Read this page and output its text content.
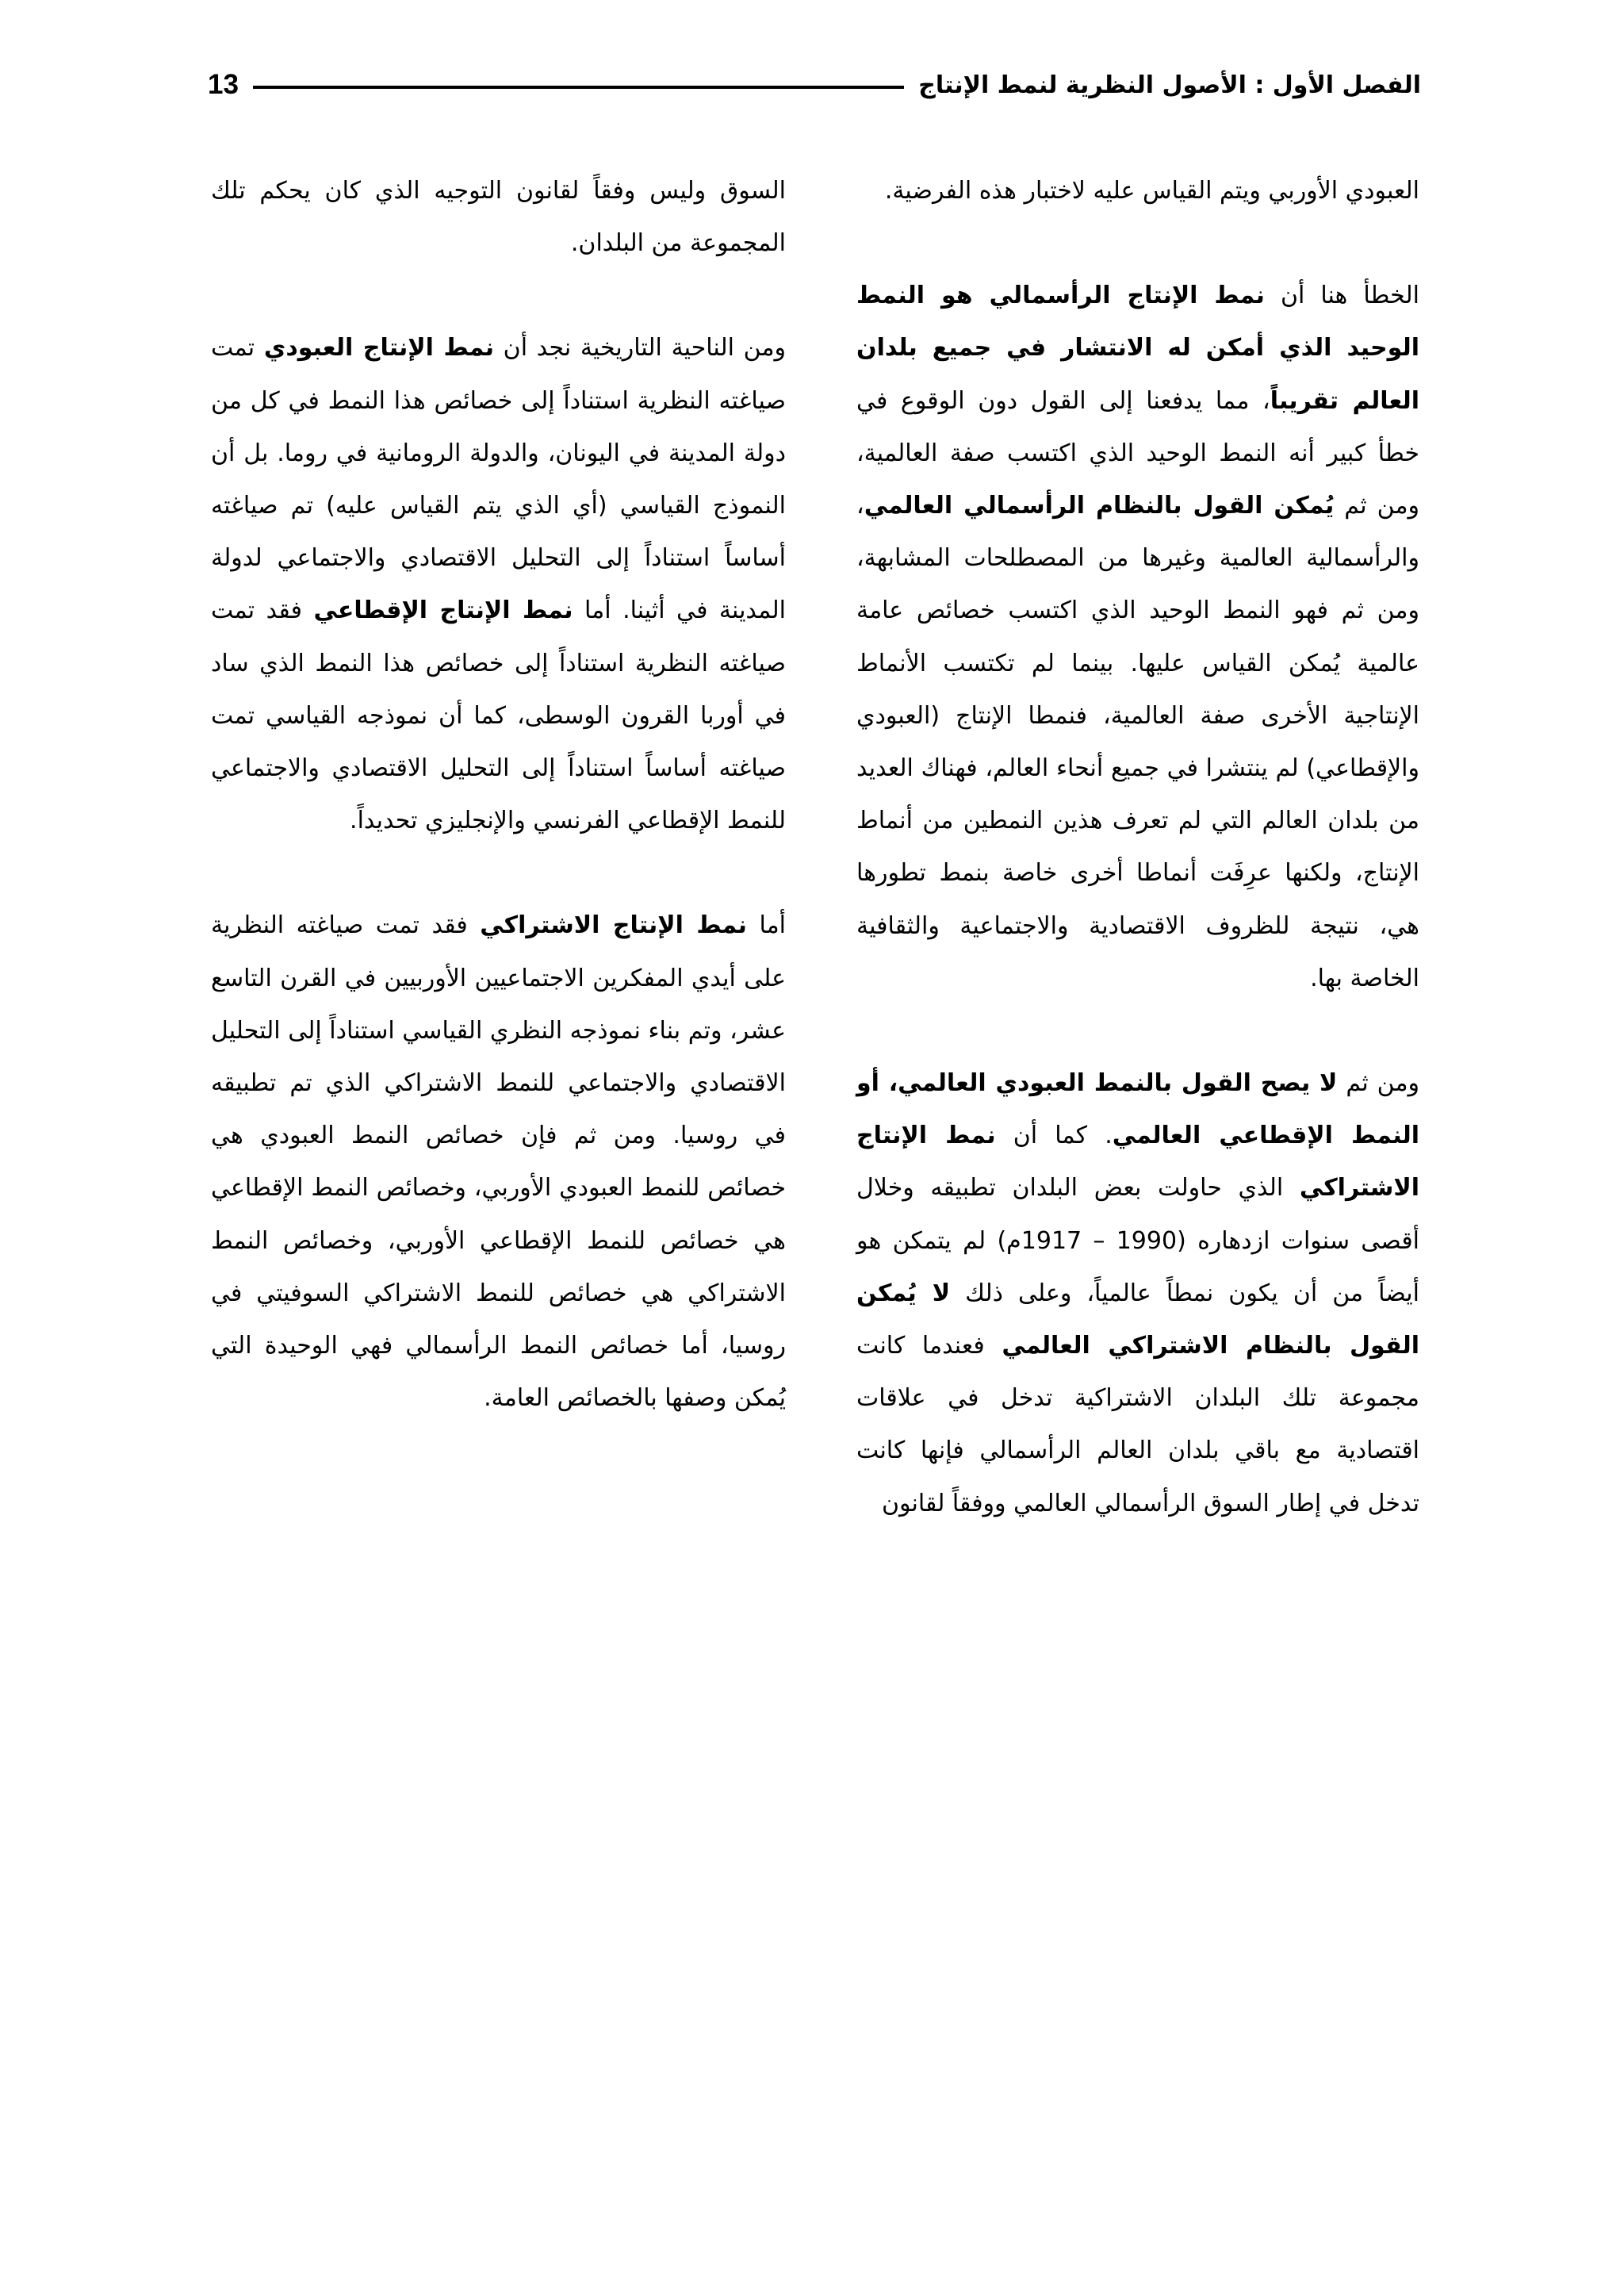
13	الفصل الأول : الأصول النظرية لنمط الإنتاج

العبودي الأوربي ويتم القياس عليه لاختبار هذه الفرضية.

الخطأ هنا أن نمط الإنتاج الرأسمالي هو النمط الوحيد الذي أمكن له الانتشار في جميع بلدان العالم تقريباً، مما يدفعنا إلى القول دون الوقوع في خطأ كبير أنه النمط الوحيد الذي اكتسب صفة العالمية، ومن ثم يُمكن القول بالنظام الرأسمالي العالمي، والرأسمالية العالمية وغيرها من المصطلحات المشابهة، ومن ثم فهو النمط الوحيد الذي اكتسب خصائص عامة عالمية يُمكن القياس عليها. بينما لم تكتسب الأنماط الإنتاجية الأخرى صفة العالمية، فنمطا الإنتاج (العبودي والإقطاعي) لم ينتشرا في جميع أنحاء العالم، فهناك العديد من بلدان العالم التي لم تعرف هذين النمطين من أنماط الإنتاج، ولكنها عرِفَت أنماطا أخرى خاصة بنمط تطورها هي، نتيجة للظروف الاقتصادية والاجتماعية والثقافية الخاصة بها.

ومن ثم لا يصح القول بالنمط العبودي العالمي، أو النمط الإقطاعي العالمي. كما أن نمط الإنتاج الاشتراكي الذي حاولت بعض البلدان تطبيقه وخلال أقصى سنوات ازدهاره (1917 – 1990م) لم يتمكن هو أيضاً من أن يكون نمطاً عالمياً، وعلى ذلك لا يُمكن القول بالنظام الاشتراكي العالمي فعندما كانت مجموعة تلك البلدان الاشتراكية تدخل في علاقات اقتصادية مع باقي بلدان العالم الرأسمالي فإنها كانت تدخل في إطار السوق الرأسمالي العالمي ووفقاً لقانون

السوق وليس وفقاً لقانون التوجيه الذي كان يحكم تلك المجموعة من البلدان.

ومن الناحية التاريخية نجد أن نمط الإنتاج العبودي تمت صياغته النظرية استناداً إلى خصائص هذا النمط في كل من دولة المدينة في اليونان، والدولة الرومانية في روما. بل أن النموذج القياسي (أي الذي يتم القياس عليه) تم صياغته أساساً استناداً إلى التحليل الاقتصادي والاجتماعي لدولة المدينة في أثينا. أما نمط الإنتاج الإقطاعي فقد تمت صياغته النظرية استناداً إلى خصائص هذا النمط الذي ساد في أوربا القرون الوسطى، كما أن نموذجه القياسي تمت صياغته أساساً استناداً إلى التحليل الاقتصادي والاجتماعي للنمط الإقطاعي الفرنسي والإنجليزي تحديداً.

أما نمط الإنتاج الاشتراكي فقد تمت صياغته النظرية على أيدي المفكرين الاجتماعيين الأوربيين في القرن التاسع عشر، وتم بناء نموذجه النظري القياسي استناداً إلى التحليل الاقتصادي والاجتماعي للنمط الاشتراكي الذي تم تطبيقه في روسيا. ومن ثم فإن خصائص النمط العبودي هي خصائص للنمط العبودي الأوربي، وخصائص النمط الإقطاعي هي خصائص للنمط الإقطاعي الأوربي، وخصائص النمط الاشتراكي هي خصائص للنمط الاشتراكي السوفيتي في روسيا، أما خصائص النمط الرأسمالي فهي الوحيدة التي يُمكن وصفها بالخصائص العامة.
